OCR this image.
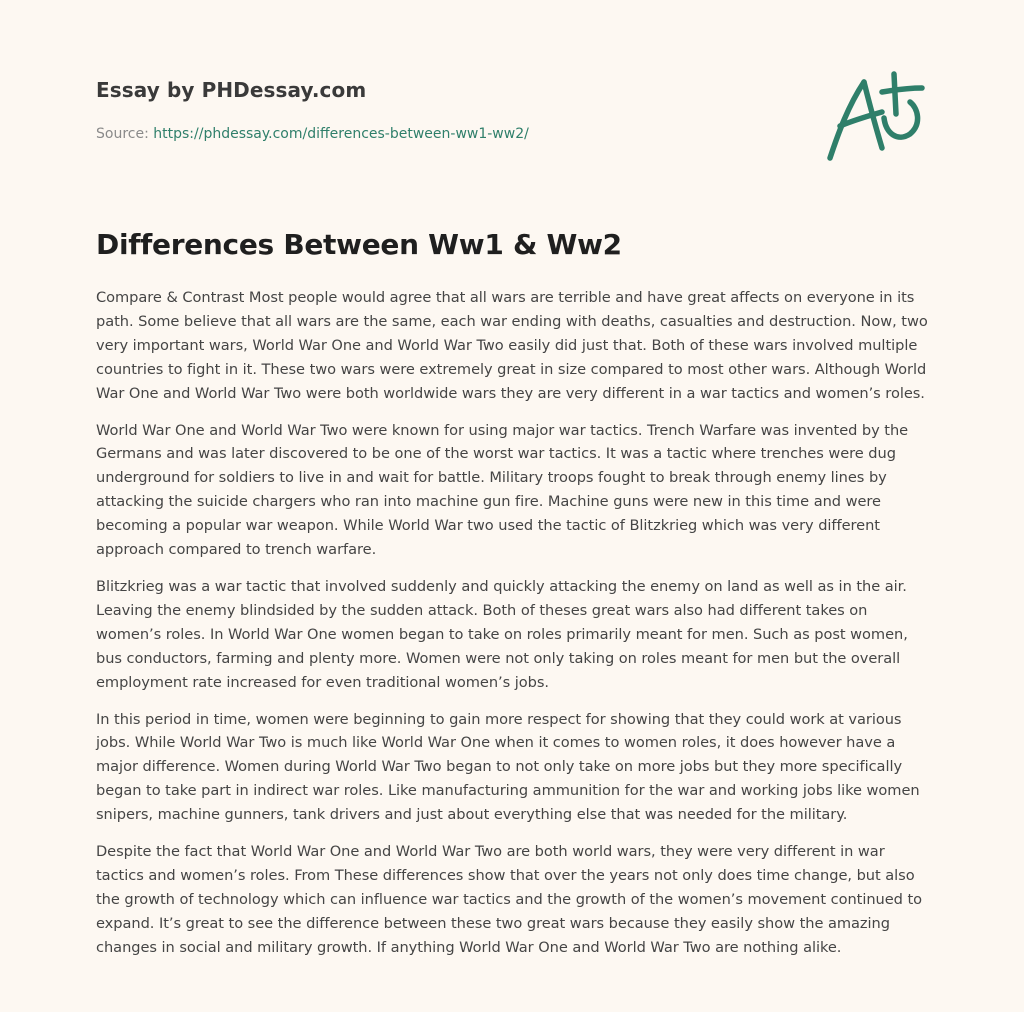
Essay by PHDessay.com
Source: https://phdessay.com/differences-between-ww1-ww2/
Differences Between Ww1 & Ww2

Compare & Contrast Most people would agree that all wars are terrible and have great affects on everyone in its path. Some believe that all wars are the same, each war ending with deaths, casualties and destruction. Now, two very important wars, World War One and World War Two easily did just that. Both of these wars involved multiple countries to fight in it. These two wars were extremely great in size compared to most other wars. Although World War One and World War Two were both worldwide wars they are very different in a war tactics and women’s roles.

World War One and World War Two were known for using major war tactics. Trench Warfare was invented by the Germans and was later discovered to be one of the worst war tactics. It was a tactic where trenches were dug underground for soldiers to live in and wait for battle. Military troops fought to break through enemy lines by attacking the suicide chargers who ran into machine gun fire. Machine guns were new in this time and were becoming a popular war weapon. While World War two used the tactic of Blitzkrieg which was very different approach compared to trench warfare.

Blitzkrieg was a war tactic that involved suddenly and quickly attacking the enemy on land as well as in the air. Leaving the enemy blindsided by the sudden attack. Both of theses great wars also had different takes on women’s roles. In World War One women began to take on roles primarily meant for men. Such as post women, bus conductors, farming and plenty more. Women were not only taking on roles meant for men but the overall employment rate increased for even traditional women’s jobs.

In this period in time, women were beginning to gain more respect for showing that they could work at various jobs. While World War Two is much like World War One when it comes to women roles, it does however have a major difference. Women during World War Two began to not only take on more jobs but they more specifically began to take part in indirect war roles. Like manufacturing ammunition for the war and working jobs like women snipers, machine gunners, tank drivers and just about everything else that was needed for the military.

Despite the fact that World War One and World War Two are both world wars, they were very different in war tactics and women’s roles. From These differences show that over the years not only does time change, but also the growth of technology which can influence war tactics and the growth of the women’s movement continued to expand. It’s great to see the difference between these two great wars because they easily show the amazing changes in social and military growth. If anything World War One and World War Two are nothing alike.
